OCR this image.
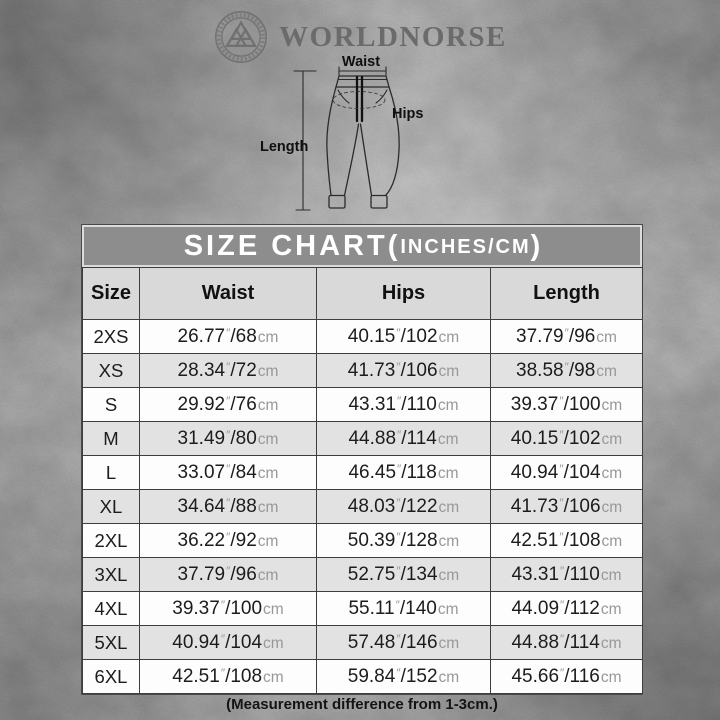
WORLDNORSE
Waist
Hips
Length
SIZE CHART( INCHES/CM )
Size	Waist	Hips	Length
2XS	26.77″/68cm	40.15″/102cm	37.79″/96cm
XS	28.34″/72cm	41.73″/106cm	38.58″/98cm
S	29.92″/76cm	43.31″/110cm	39.37″/100cm
M	31.49″/80cm	44.88″/114cm	40.15″/102cm
L	33.07″/84cm	46.45″/118cm	40.94″/104cm
XL	34.64″/88cm	48.03″/122cm	41.73″/106cm
2XL	36.22″/92cm	50.39″/128cm	42.51″/108cm
3XL	37.79″/96cm	52.75″/134cm	43.31″/110cm
4XL	39.37″/100cm	55.11″/140cm	44.09″/112cm
5XL	40.94″/104cm	57.48″/146cm	44.88″/114cm
6XL	42.51″/108cm	59.84″/152cm	45.66″/116cm
(Measurement difference from 1-3cm.)
